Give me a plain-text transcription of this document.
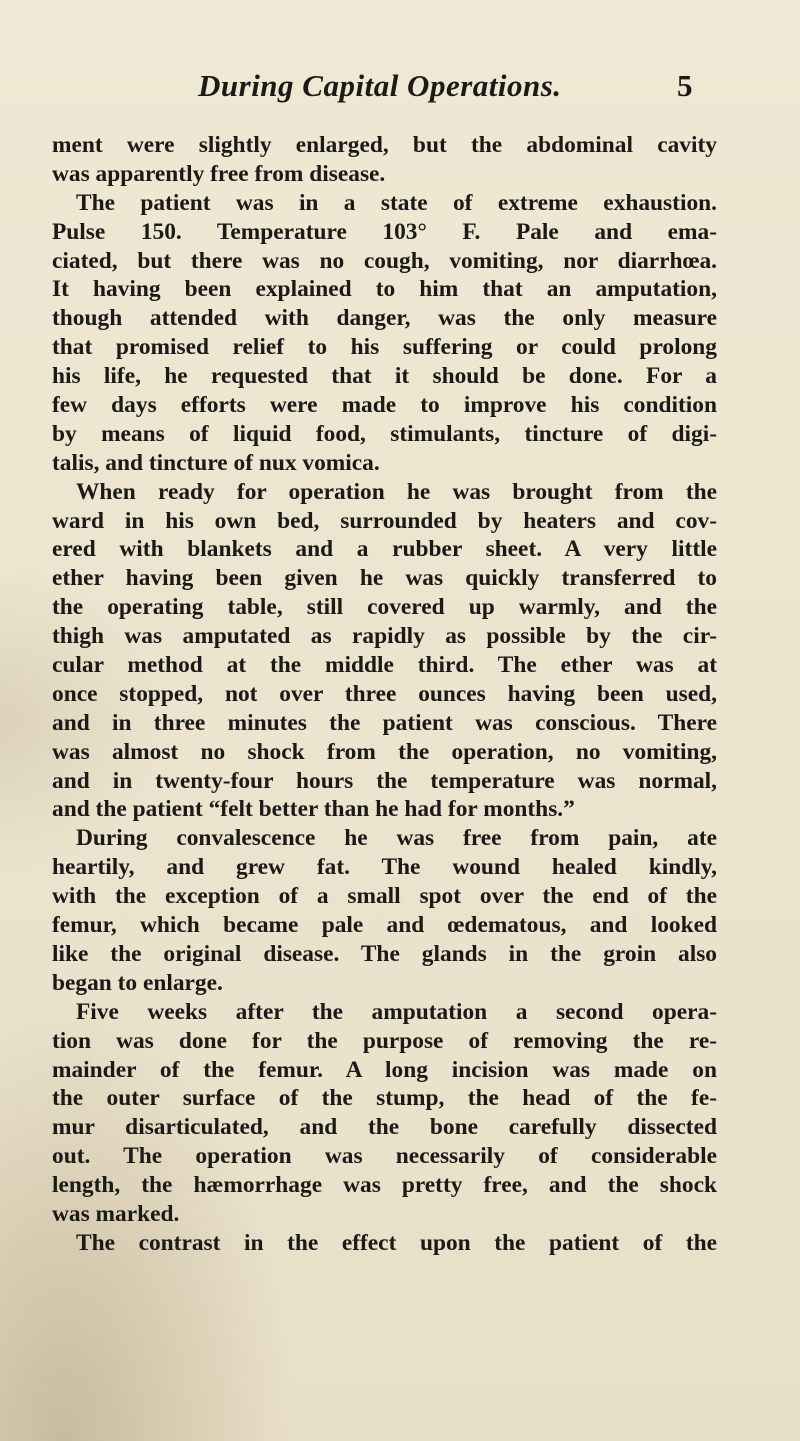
During Capital Operations.	5
ment were slightly enlarged, but the abdominal cavity
was apparently free from disease.
The patient was in a state of extreme exhaustion.
Pulse 150. Temperature 103° F. Pale and ema-
ciated, but there was no cough, vomiting, nor diarrhœa.
It having been explained to him that an amputation,
though attended with danger, was the only measure
that promised relief to his suffering or could prolong
his life, he requested that it should be done. For a
few days efforts were made to improve his condition
by means of liquid food, stimulants, tincture of digi-
talis, and tincture of nux vomica.
When ready for operation he was brought from the
ward in his own bed, surrounded by heaters and cov-
ered with blankets and a rubber sheet. A very little
ether having been given he was quickly transferred to
the operating table, still covered up warmly, and the
thigh was amputated as rapidly as possible by the cir-
cular method at the middle third. The ether was at
once stopped, not over three ounces having been used,
and in three minutes the patient was conscious. There
was almost no shock from the operation, no vomiting,
and in twenty-four hours the temperature was normal,
and the patient “felt better than he had for months.”
During convalescence he was free from pain, ate
heartily, and grew fat. The wound healed kindly,
with the exception of a small spot over the end of the
femur, which became pale and œdematous, and looked
like the original disease. The glands in the groin also
began to enlarge.
Five weeks after the amputation a second opera-
tion was done for the purpose of removing the re-
mainder of the femur. A long incision was made on
the outer surface of the stump, the head of the fe-
mur disarticulated, and the bone carefully dissected
out. The operation was necessarily of considerable
length, the hæmorrhage was pretty free, and the shock
was marked.
The contrast in the effect upon the patient of the
